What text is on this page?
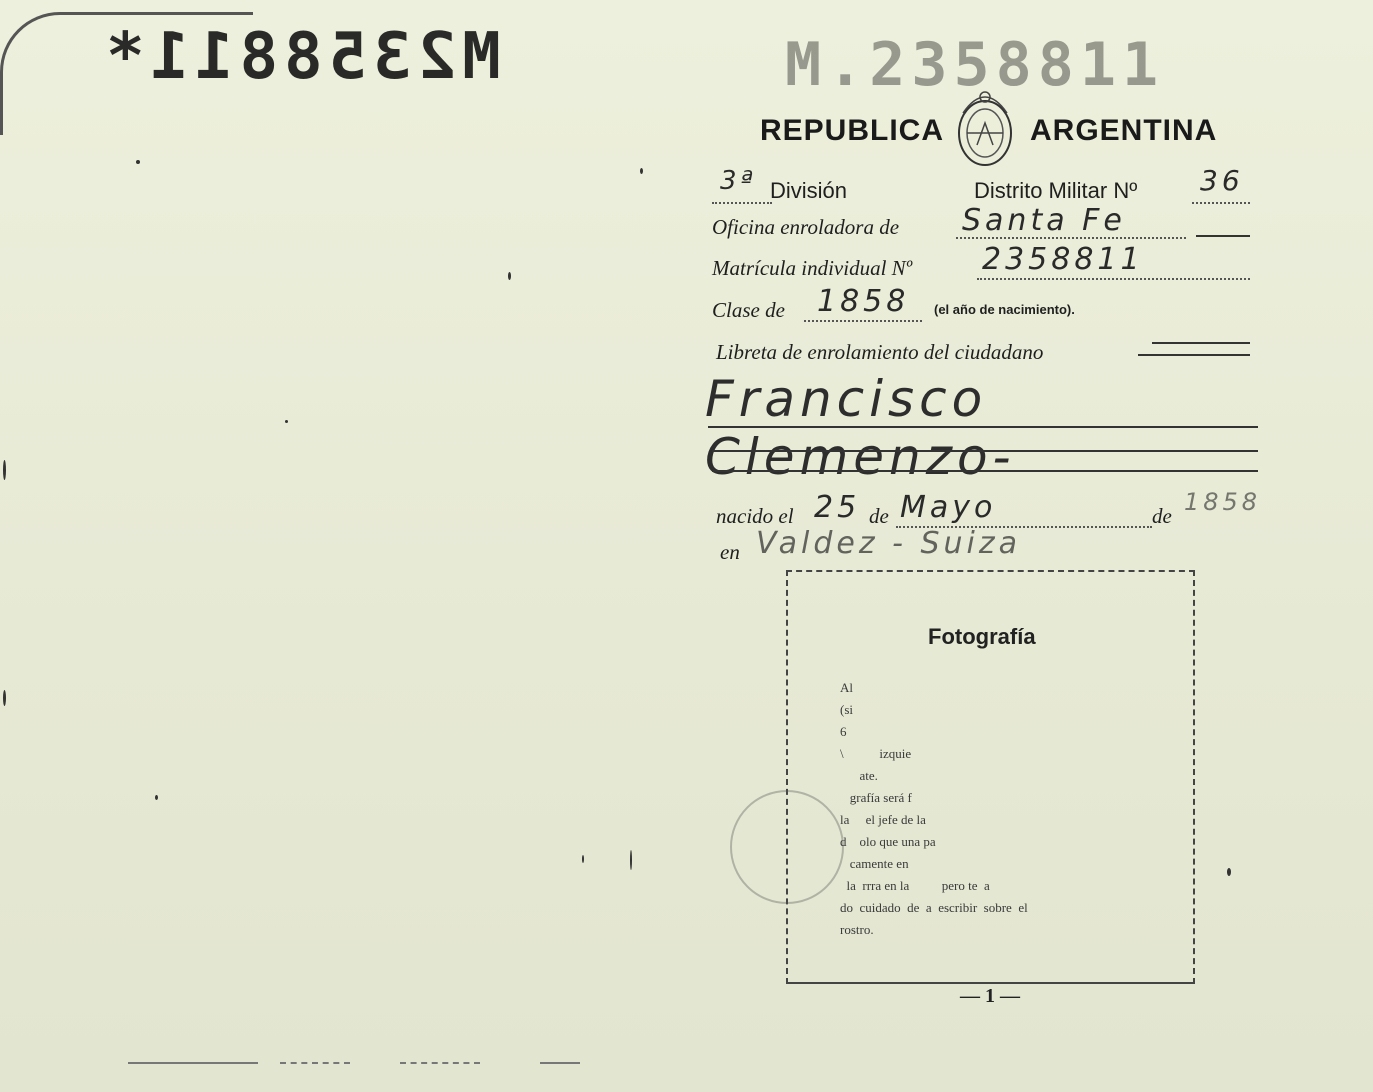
M2358811*	M.2358811
REPUBLICA	ARGENTINA
3ª División	Distrito Militar Nº 36
Oficina enroladora de Santa Fe
Matrícula individual Nº 2358811
Clase de 1858 (el año de nacimiento).
Libreta de enrolamiento del ciudadano
Francisco Clemenzo-
nacido el 25 de Mayo	de 1858
en Valdez - Suiza
Fotografía
Al
(si
6
\           izquie
ate.
grafía será f
la     el jefe de la
d    olo que una pa
camente en
la  rrra en la          pero te  a
do  cuidado  de  a  escribir  sobre  el
rostro.
— 1 —
